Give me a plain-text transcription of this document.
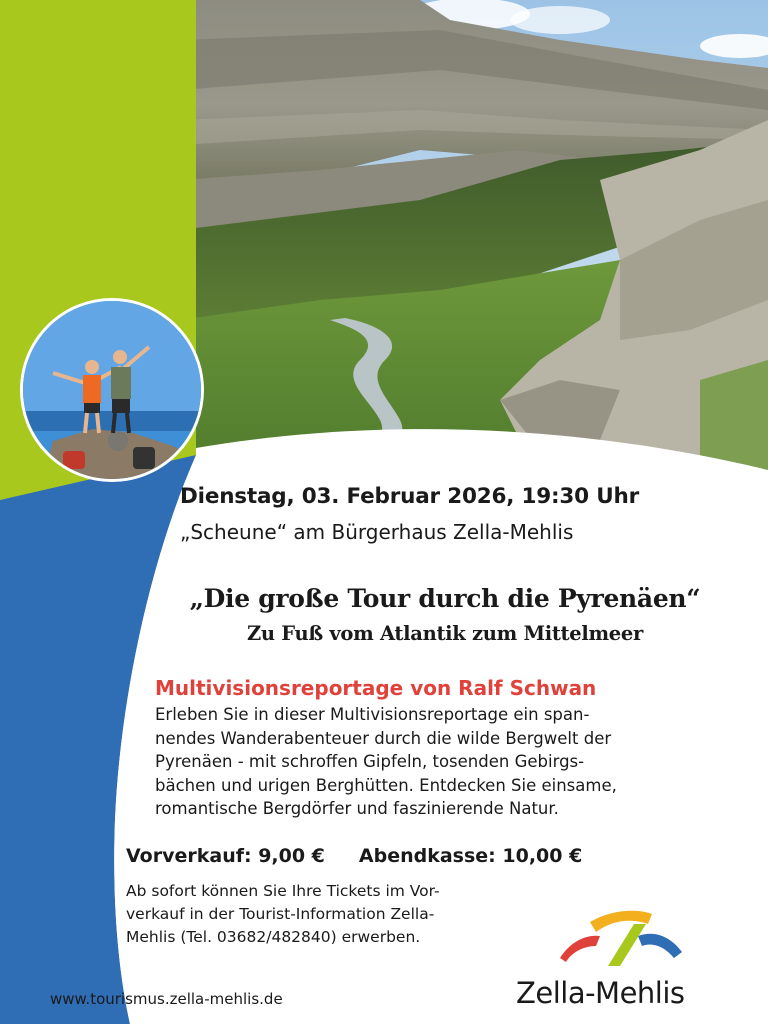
Dienstag, 03. Februar 2026, 19:30 Uhr
„Scheune“ am Bürgerhaus Zella-Mehlis
„Die große Tour durch die Pyrenäen“
Zu Fuß vom Atlantik zum Mittelmeer
Multivisionsreportage von Ralf Schwan
Erleben Sie in dieser Multivisionsreportage ein span-
nendes Wanderabenteuer durch die wilde Bergwelt der
Pyrenäen - mit schroffen Gipfeln, tosenden Gebirgs-
bächen und urigen Berghütten. Entdecken Sie einsame,
romantische Bergdörfer und faszinierende Natur.
Vorverkauf: 9,00 € Abendkasse: 10,00 €
Ab sofort können Sie Ihre Tickets im Vor-
verkauf in der Tourist-Information Zella-
Mehlis (Tel. 03682/482840) erwerben.
www.tourismus.zella-mehlis.de	Zella-Mehlis
